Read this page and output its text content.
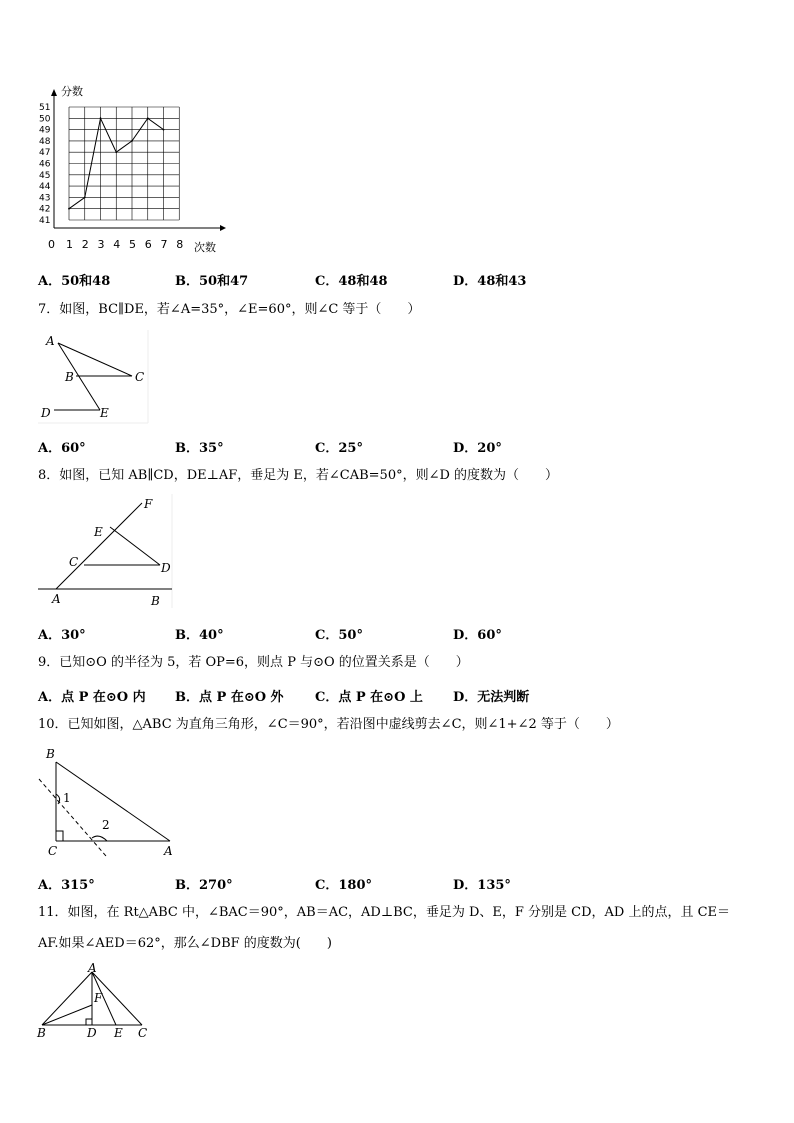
41
42
43
44
45
46
47
48
49
50
51
0 1 2 3 4 5 6 7 8
分数
次数
A．50和48	B．50和47	C．48和48	D．48和43
7．如图，BC∥DE，若∠A=35°，∠E=60°，则∠C 等于（　　）
A
B	C
D	E
A．60°	B．35°	C．25°	D．20°
8．如图，已知 AB∥CD，DE⊥AF，垂足为 E，若∠CAB=50°，则∠D 的度数为（　　）
F
E
C	D
A	B
A．30°	B．40°	C．50°	D．60°
9．已知⊙O 的半径为 5，若 OP=6，则点 P 与⊙O 的位置关系是（　　）
A．点 P 在⊙O 内 B．点 P 在⊙O 外 C．点 P 在⊙O 上 D．无法判断
10．已知如图，△ABC 为直角三角形，∠C＝90°，若沿图中虚线剪去∠C，则∠1+∠2 等于（　　）
B
1
2
C	A
A．315°	B．270°	C．180°	D．135°
11．如图，在 Rt△ABC 中，∠BAC＝90°，AB＝AC，AD⊥BC，垂足为 D、E，F 分别是 CD，AD 上的点，且 CE＝
AF.如果∠AED＝62°，那么∠DBF 的度数为(　　)
A
F
B	D E C
